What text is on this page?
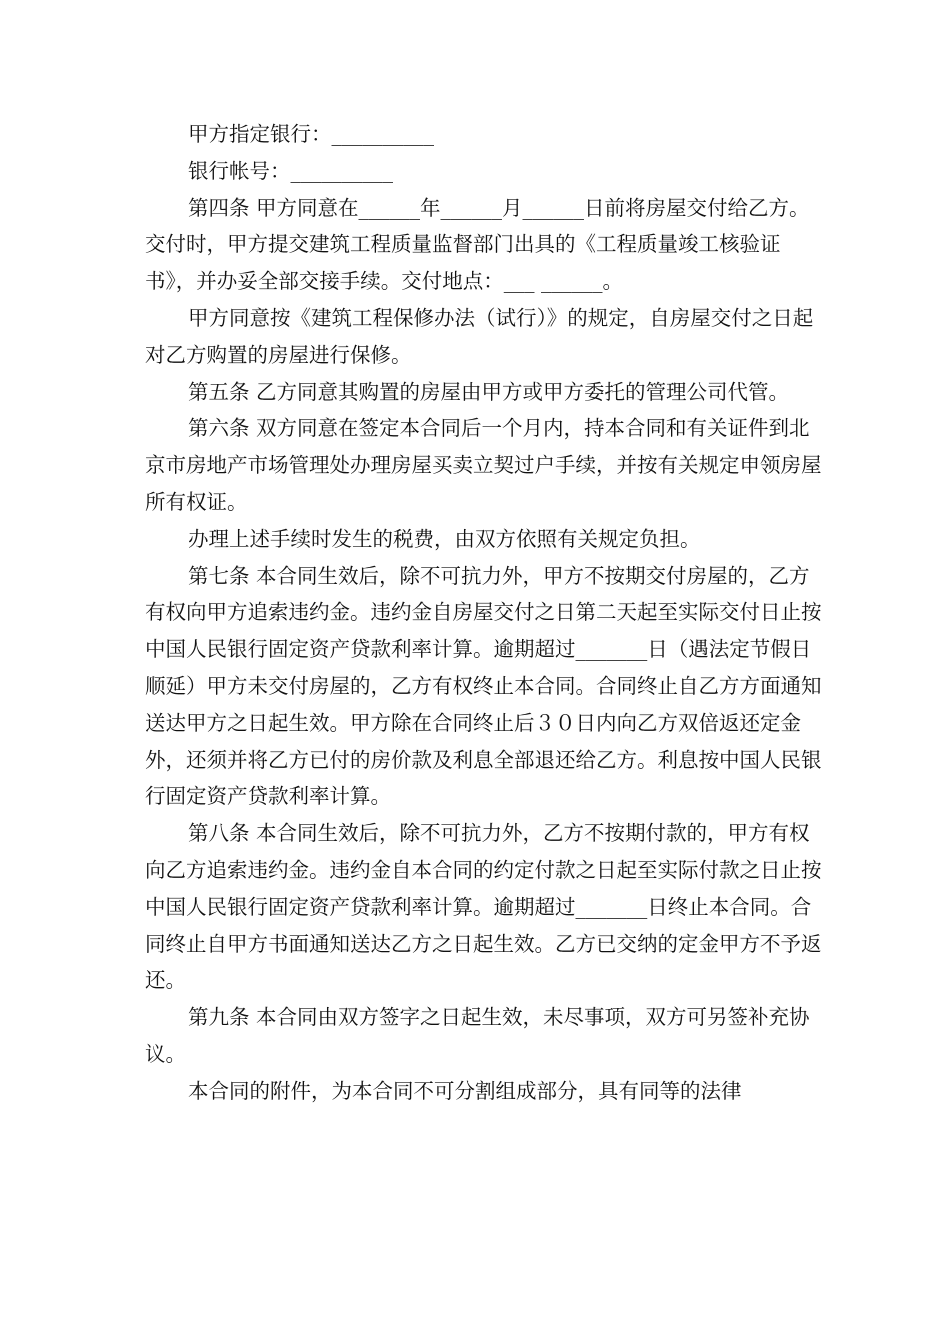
甲方指定银行：__________

银行帐号：__________

第四条 甲方同意在______年______月______日前将房屋交付给乙方。交付时，甲方提交建筑工程质量监督部门出具的《工程质量竣工核验证书》，并办妥全部交接手续。交付地点：___ ______。

甲方同意按《建筑工程保修办法（试行）》的规定，自房屋交付之日起对乙方购置的房屋进行保修。

第五条 乙方同意其购置的房屋由甲方或甲方委托的管理公司代管。

第六条 双方同意在签定本合同后一个月内，持本合同和有关证件到北京市房地产市场管理处办理房屋买卖立契过户手续，并按有关规定申领房屋所有权证。

办理上述手续时发生的税费，由双方依照有关规定负担。

第七条 本合同生效后，除不可抗力外，甲方不按期交付房屋的，乙方有权向甲方追索违约金。违约金自房屋交付之日第二天起至实际交付日止按中国人民银行固定资产贷款利率计算。逾期超过_______日（遇法定节假日顺延）甲方未交付房屋的，乙方有权终止本合同。合同终止自乙方方面通知送达甲方之日起生效。甲方除在合同终止后３０日内向乙方双倍返还定金外，还须并将乙方已付的房价款及利息全部退还给乙方。利息按中国人民银行固定资产贷款利率计算。

第八条 本合同生效后，除不可抗力外，乙方不按期付款的，甲方有权向乙方追索违约金。违约金自本合同的约定付款之日起至实际付款之日止按中国人民银行固定资产贷款利率计算。逾期超过_______日终止本合同。合同终止自甲方书面通知送达乙方之日起生效。乙方已交纳的定金甲方不予返还。

第九条 本合同由双方签字之日起生效，未尽事项，双方可另签补充协议。

本合同的附件，为本合同不可分割组成部分，具有同等的法律
